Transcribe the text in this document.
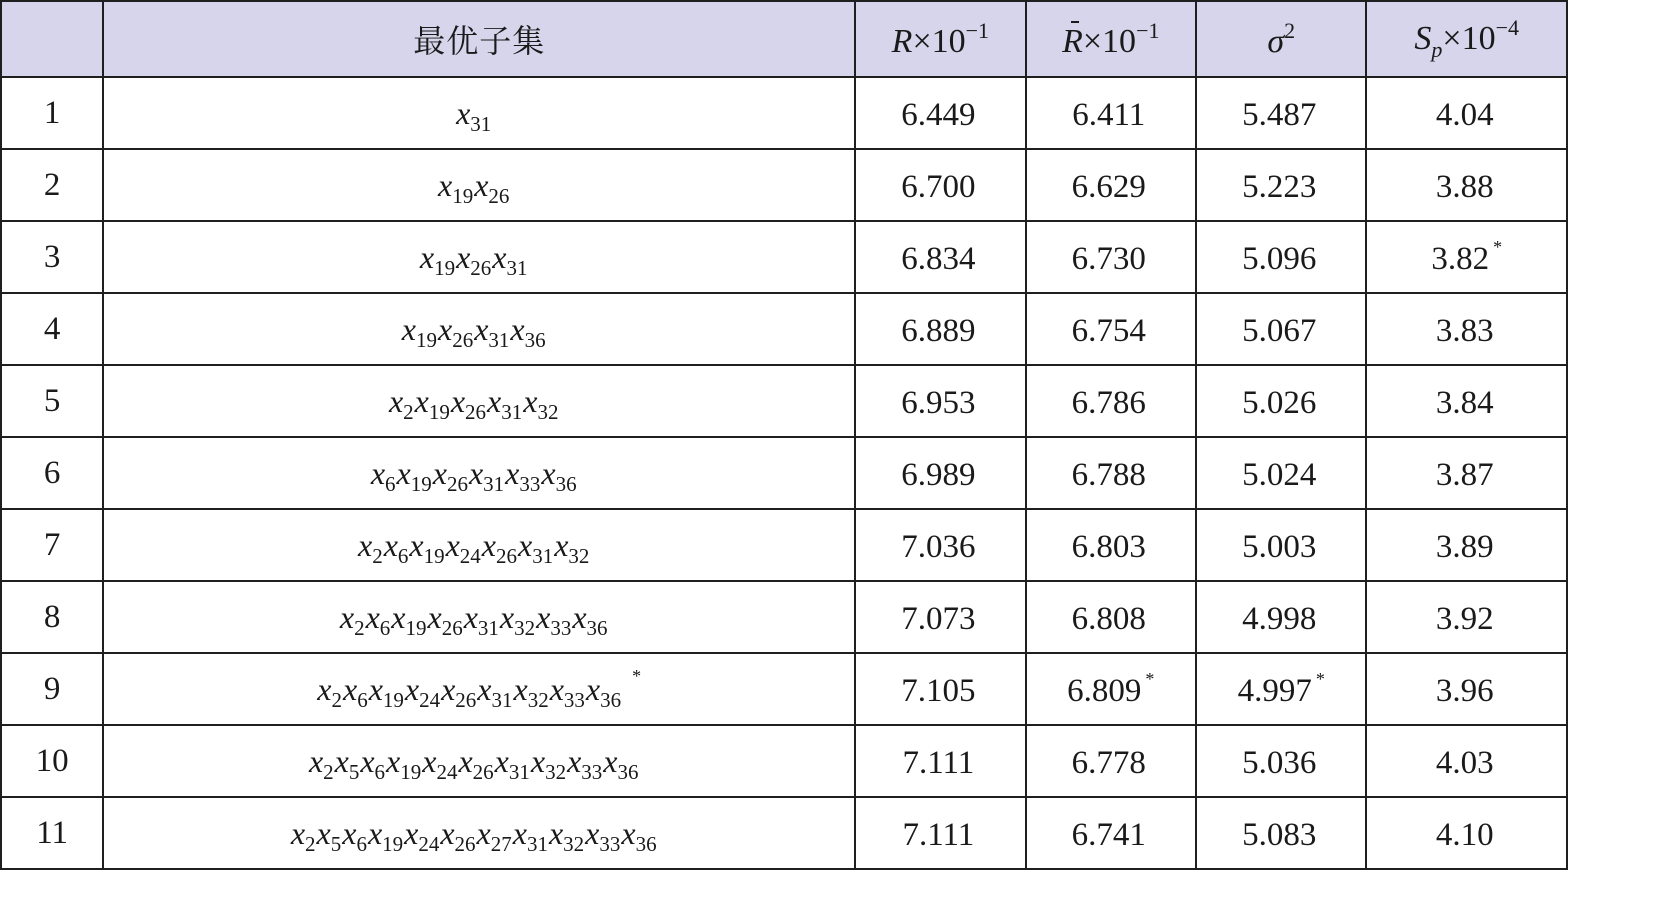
	最优子集	$R\times 10^{-1}$	$R\times 10^{-1}$	$\sigma^2$	$S_p\times 10^{-4}$
1	$x_{31}$	6.449	6.411	5.487	4.04
2	$x_{19}x_{26}$	6.700	6.629	5.223	3.88
3	$x_{19}x_{26}x_{31}$	6.834	6.730	5.096	3.82 *
4	$x_{19}x_{26}x_{31}x_{36}$	6.889	6.754	5.067	3.83
5	$x_2x_{19}x_{26}x_{31}x_{32}$	6.953	6.786	5.026	3.84
6	$x_6x_{19}x_{26}x_{31}x_{33}x_{36}$	6.989	6.788	5.024	3.87
7	$x_2x_6x_{19}x_{24}x_{26}x_{31}x_{32}$	7.036	6.803	5.003	3.89
8	$x_2x_6x_{19}x_{26}x_{31}x_{32}x_{33}x_{36}$	7.073	6.808	4.998	3.92
9	$x_2x_6x_{19}x_{24}x_{26}x_{31}x_{32}x_{33}x_{36}^*$	7.105	6.809 *	4.997 *	3.96
10	$x_2x_5x_6x_{19}x_{24}x_{26}x_{31}x_{32}x_{33}x_{36}$	7.111	6.778	5.036	4.03
11	$x_2x_5x_6x_{19}x_{24}x_{26}x_{27}x_{31}x_{32}x_{33}x_{36}$	7.111	6.741	5.083	4.10
